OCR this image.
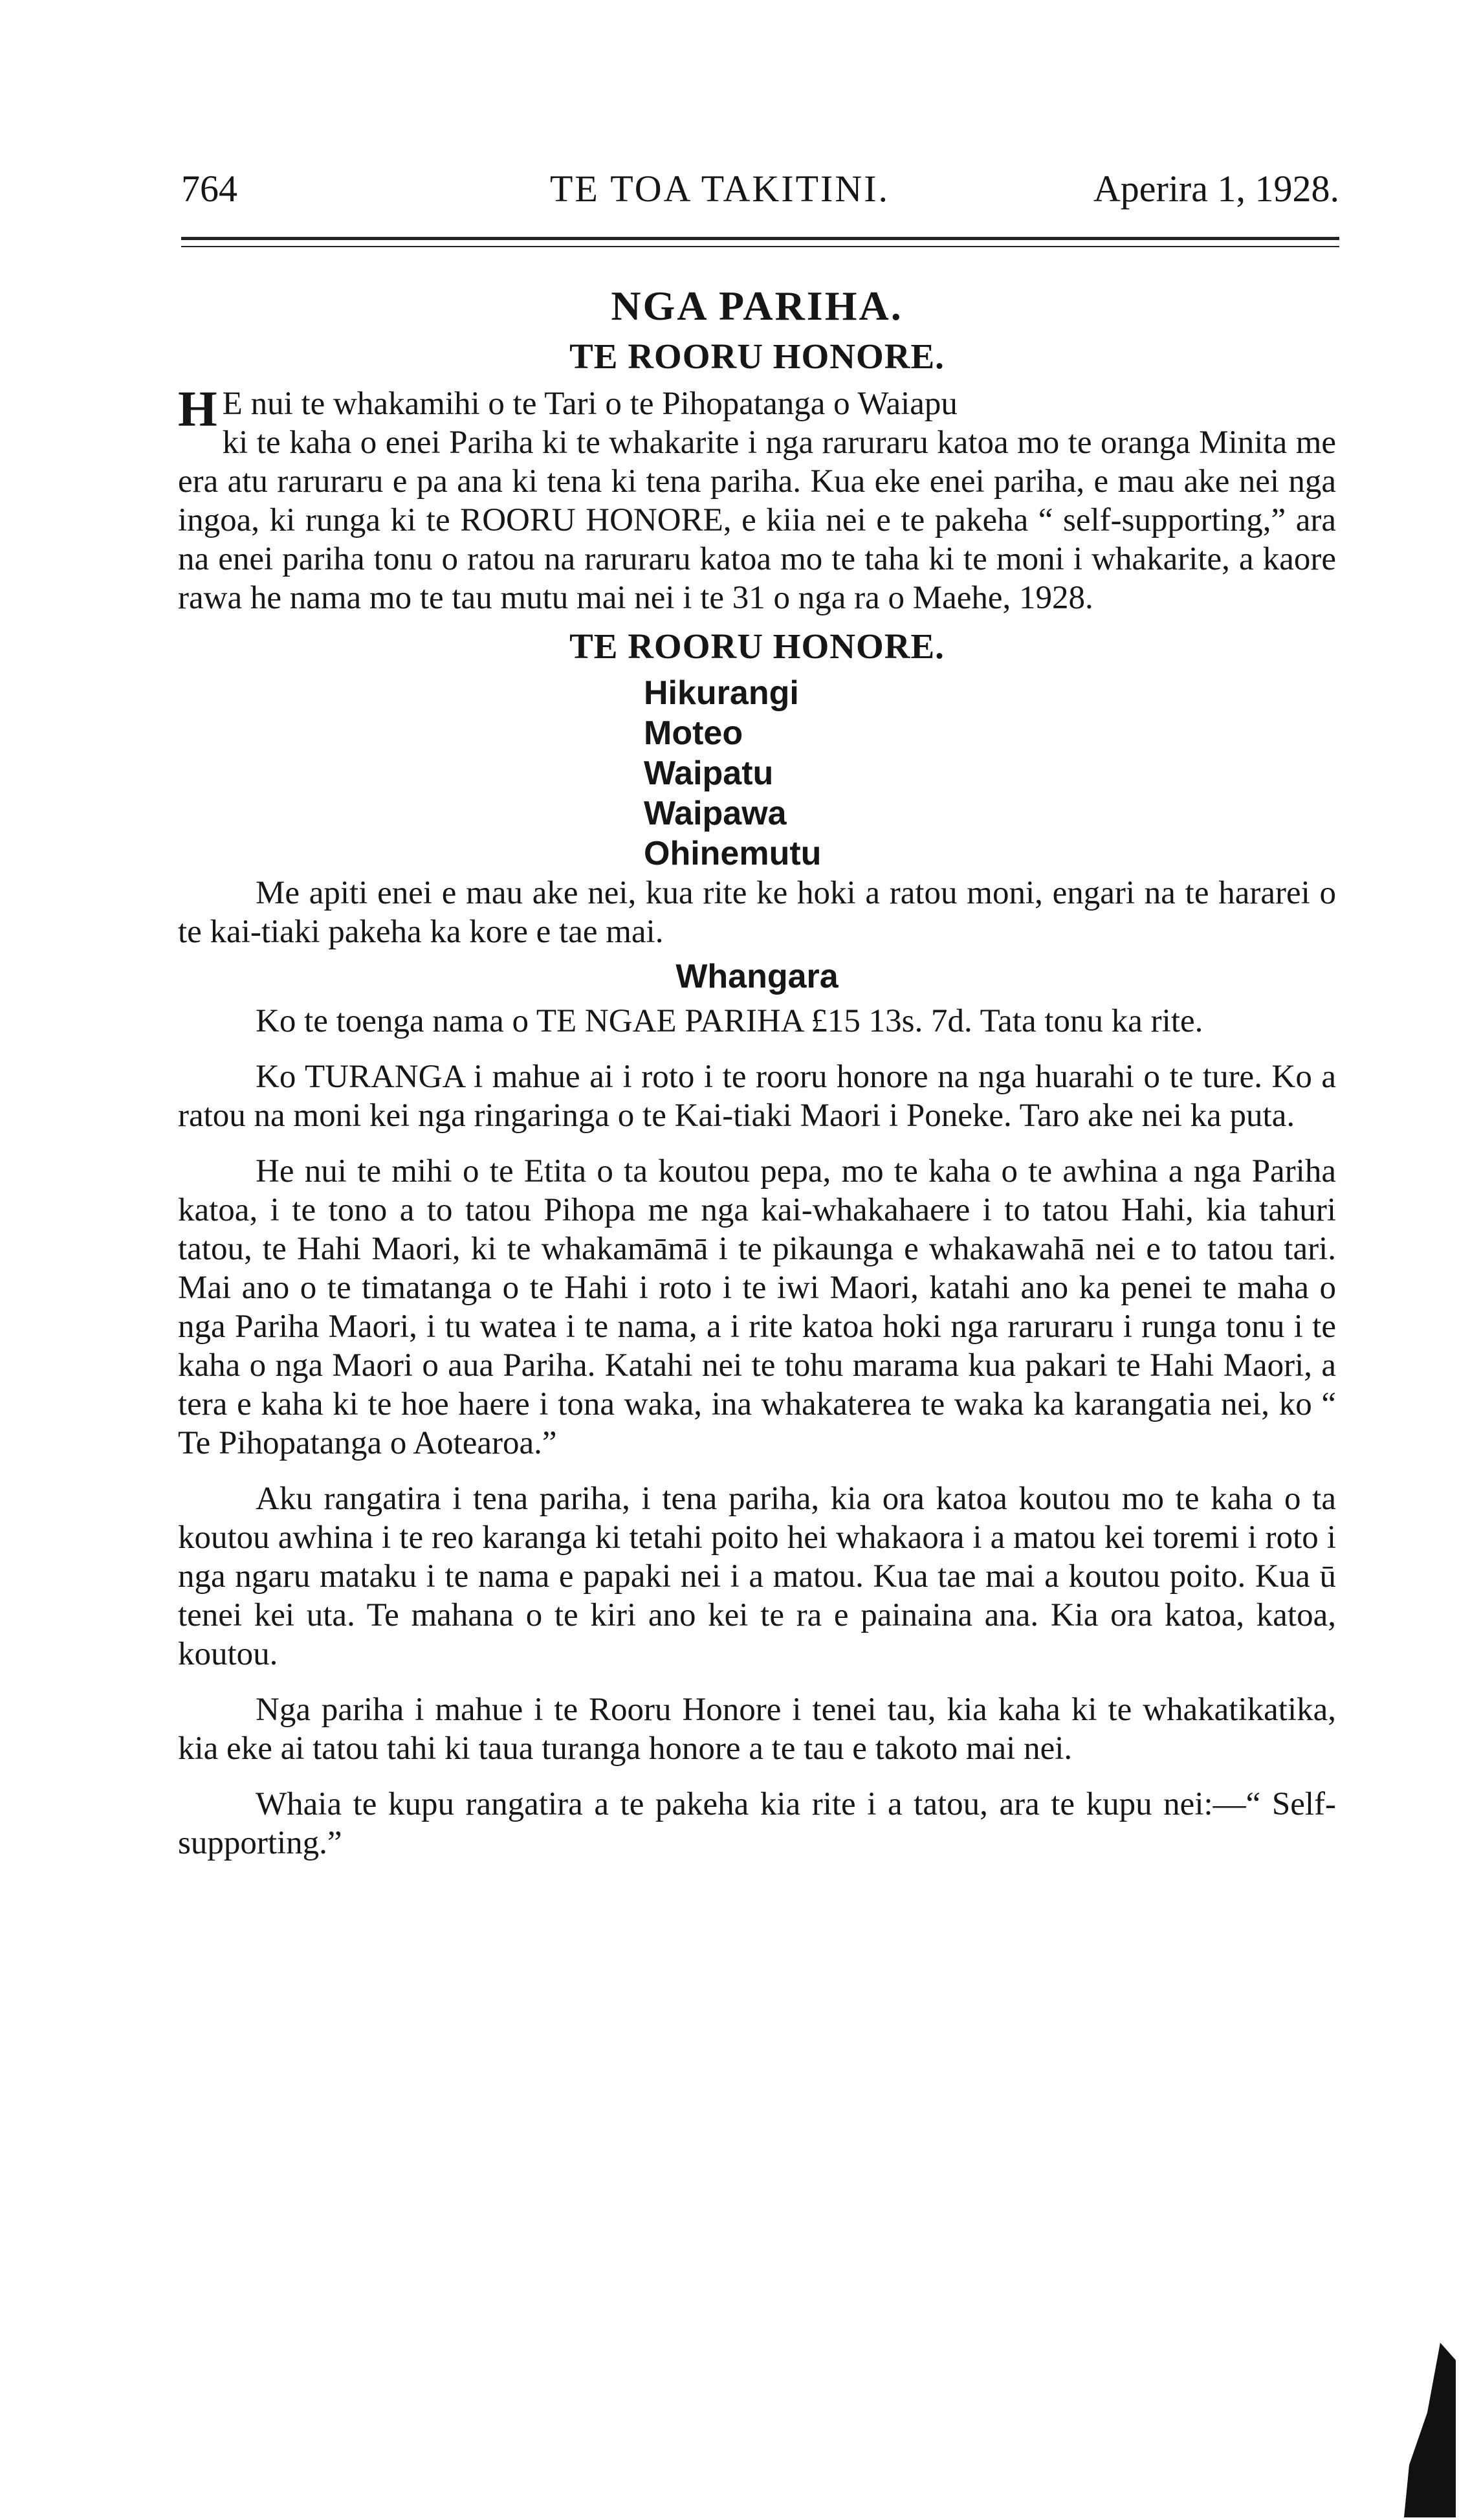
764	TE TOA TAKITINI.	Aperira 1, 1928.
NGA PARIHA.
TE ROORU HONORE.

H E nui te whakamihi o te Tari o te Pihopatanga o Waiapu
ki te kaha o enei Pariha ki te whakarite i nga raruraru katoa mo te oranga Minita me era atu raruraru e pa ana ki tena ki tena pariha. Kua eke enei pariha, e mau ake nei nga ingoa, ki runga ki te ROORU HONORE, e kiia nei e te pakeha “ self-supporting,” ara na enei pariha tonu o ratou na raruraru katoa mo te taha ki te moni i whakarite, a kaore rawa he nama mo te tau mutu mai nei i te 31 o nga ra o Maehe, 1928.

TE ROORU HONORE.
Hikurangi
Moteo
Waipatu
Waipawa
Ohinemutu

Me apiti enei e mau ake nei, kua rite ke hoki a ratou moni, engari na te hararei o te kai-tiaki pakeha ka kore e tae mai.

Whangara

Ko te toenga nama o TE NGAE PARIHA £15 13s. 7d. Tata tonu ka rite.

Ko TURANGA i mahue ai i roto i te rooru honore na nga huarahi o te ture. Ko a ratou na moni kei nga ringaringa o te Kai-tiaki Maori i Poneke. Taro ake nei ka puta.

He nui te mihi o te Etita o ta koutou pepa, mo te kaha o te awhina a nga Pariha katoa, i te tono a to tatou Pihopa me nga kai-whakahaere i to tatou Hahi, kia tahuri tatou, te Hahi Maori, ki te whakamāmā i te pikaunga e whakawahā nei e to tatou tari. Mai ano o te timatanga o te Hahi i roto i te iwi Maori, katahi ano ka penei te maha o nga Pariha Maori, i tu watea i te nama, a i rite katoa hoki nga raruraru i runga tonu i te kaha o nga Maori o aua Pariha. Katahi nei te tohu marama kua pakari te Hahi Maori, a tera e kaha ki te hoe haere i tona waka, ina whakaterea te waka ka karangatia nei, ko “ Te Pihopatanga o Aotearoa.”

Aku rangatira i tena pariha, i tena pariha, kia ora katoa koutou mo te kaha o ta koutou awhina i te reo karanga ki tetahi poito hei whakaora i a matou kei toremi i roto i nga ngaru mataku i te nama e papaki nei i a matou. Kua tae mai a koutou poito. Kua ū tenei kei uta. Te mahana o te kiri ano kei te ra e painaina ana. Kia ora katoa, katoa, koutou.

Nga pariha i mahue i te Rooru Honore i tenei tau, kia kaha ki te whakatikatika, kia eke ai tatou tahi ki taua turanga honore a te tau e takoto mai nei.

Whaia te kupu rangatira a te pakeha kia rite i a tatou, ara te kupu nei:—“ Self-supporting.”
